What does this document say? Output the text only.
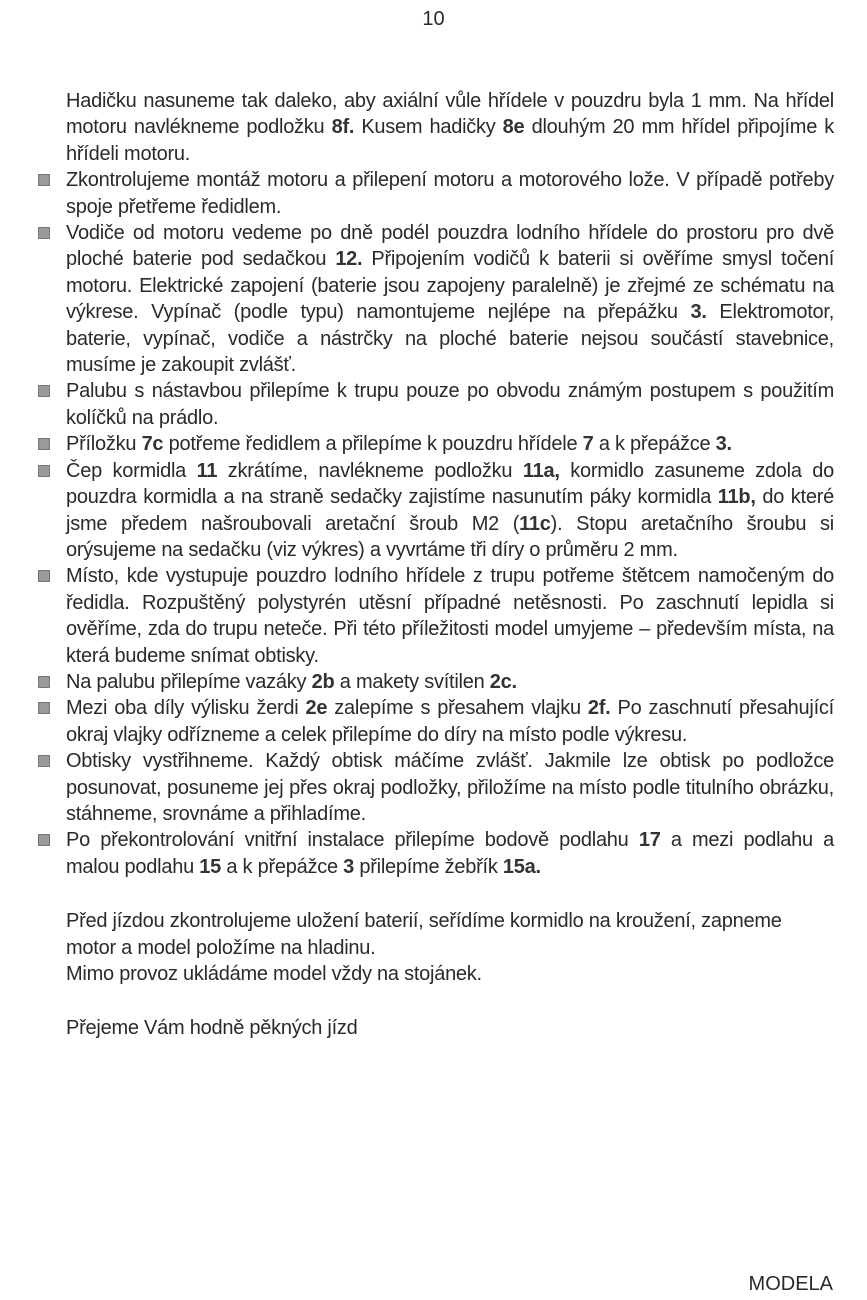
10

Hadičku nasuneme tak daleko, aby axiální vůle hřídele v pouzdru byla 1 mm. Na hřídel motoru navlékneme podložku 8f. Kusem hadičky 8e dlouhým 20 mm hřídel připojíme k hřídeli motoru.

Zkontrolujeme montáž motoru a přilepení motoru a motorového lože. V případě potřeby spoje přetřeme ředidlem.

Vodiče od motoru vedeme po dně podél pouzdra lodního hřídele do prostoru pro dvě ploché baterie pod sedačkou 12. Připojením vodičů k baterii si ověříme smysl točení motoru. Elektrické zapojení (baterie jsou zapojeny paralelně) je zřejmé ze schématu na výkrese. Vypínač (podle typu) namontujeme nejlépe na přepážku 3. Elektromotor, baterie, vypínač, vodiče a nástrčky na ploché baterie nejsou součástí stavebnice, musíme je zakoupit zvlášť.

Palubu s nástavbou přilepíme k trupu pouze po obvodu známým postupem s použitím kolíčků na prádlo.

Příložku 7c potřeme ředidlem a přilepíme k pouzdru hřídele 7 a k přepážce 3.

Čep kormidla 11 zkrátíme, navlékneme podložku 11a, kormidlo zasuneme zdola do pouzdra kormidla a na straně sedačky zajistíme nasunutím páky kormidla 11b, do které jsme předem našroubovali aretační šroub M2 (11c). Stopu aretačního šroubu si orýsujeme na sedačku (viz výkres) a vyvrtáme tři díry o průměru 2 mm.

Místo, kde vystupuje pouzdro lodního hřídele z trupu potřeme štětcem namočeným do ředidla. Rozpuštěný polystyrén utěsní případné netěsnosti. Po zaschnutí lepidla si ověříme, zda do trupu neteče. Při této příležitosti model umyjeme – především místa, na která budeme snímat obtisky.

Na palubu přilepíme vazáky 2b a makety svítilen 2c.

Mezi oba díly výlisku žerdi 2e zalepíme s přesahem vlajku 2f. Po zaschnutí přesahující okraj vlajky odřízneme a celek přilepíme do díry na místo podle výkresu.

Obtisky vystřihneme. Každý obtisk máčíme zvlášť. Jakmile lze obtisk po podložce posunovat, posuneme jej přes okraj podložky, přiložíme na místo podle titulního obrázku, stáhneme, srovnáme a přihladíme.

Po překontrolování vnitřní instalace přilepíme bodově podlahu 17 a mezi podlahu a malou podlahu 15 a k přepážce 3 přilepíme žebřík 15a.

Před jízdou zkontrolujeme uložení baterií, seřídíme kormidlo na kroužení, zapneme motor a model položíme na hladinu.
Mimo provoz ukládáme model vždy na stojánek.
Přejeme Vám hodně pěkných jízd
MODELA
